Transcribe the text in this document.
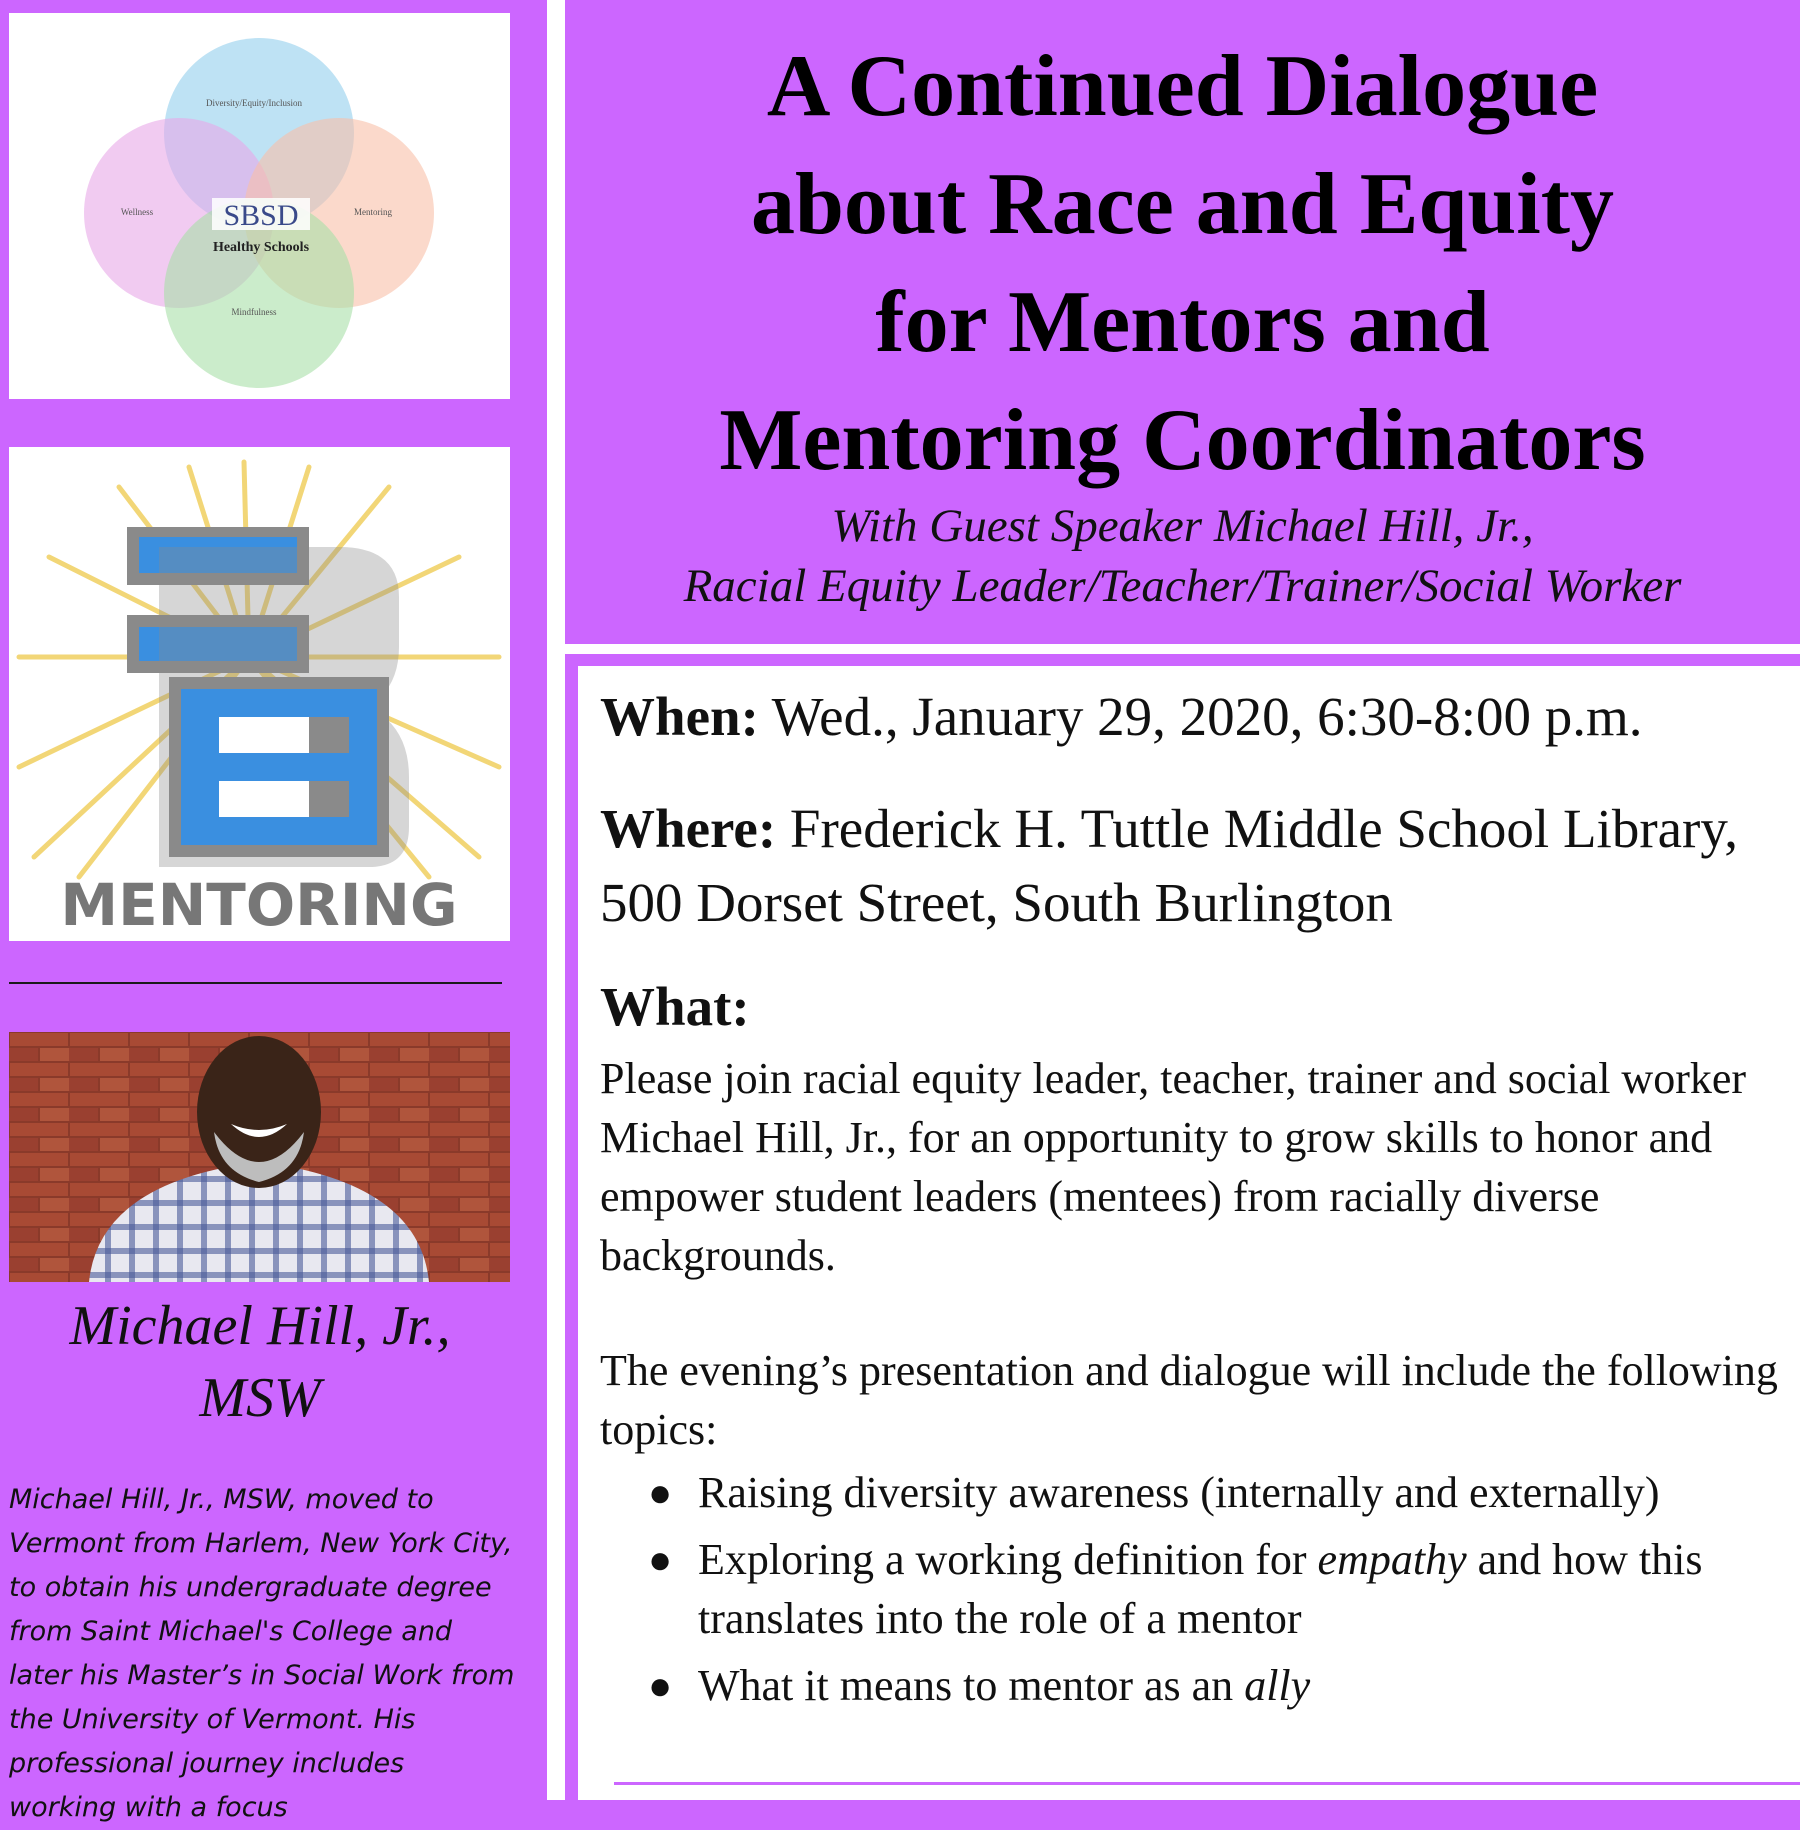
Diversity/Equity/Inclusion
Wellness	Mentoring
Mindfulness
SBSD
Healthy Schools
MENTORING
Michael Hill, Jr.,
MSW
Michael Hill, Jr., MSW, moved to Vermont from Harlem, New York City, to obtain his undergraduate degree from Saint Michael's College and later his Master’s in Social Work from the University of Vermont. His professional journey includes working with a focus
A Continued Dialogue
about Race and Equity
for Mentors and
Mentoring Coordinators
With Guest Speaker Michael Hill, Jr.,
Racial Equity Leader/Teacher/Trainer/Social Worker
When: Wed., January 29, 2020, 6:30-8:00 p.m.
Where: Frederick H. Tuttle Middle School Library, 500 Dorset Street, South Burlington
What:
Please join racial equity leader, teacher, trainer and social worker Michael Hill, Jr., for an opportunity to grow skills to honor and empower student leaders (mentees) from racially diverse backgrounds.
The evening’s presentation and dialogue will include the following topics:
● Raising diversity awareness (internally and externally)
● Exploring a working definition for empathy and how this translates into the role of a mentor
● What it means to mentor as an ally
